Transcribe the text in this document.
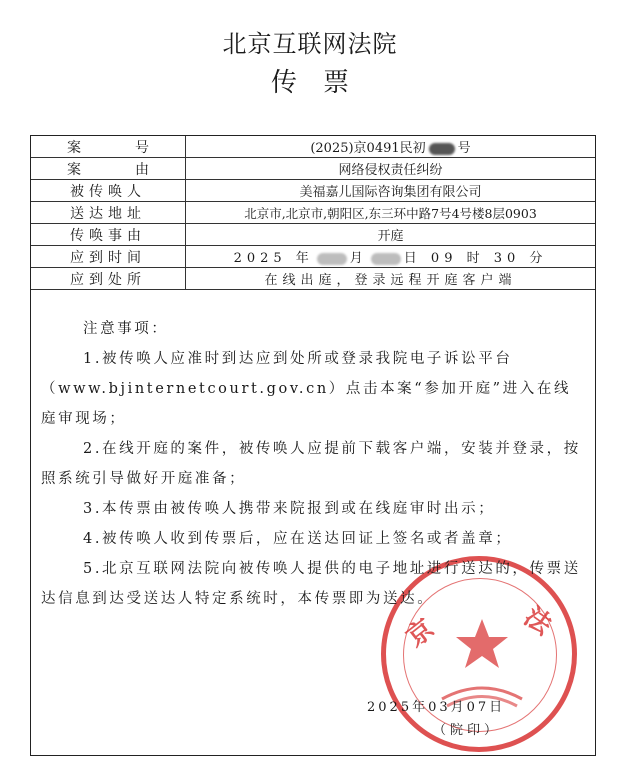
北京互联网法院
传票
案 号	(2025)京0491民初 号

案 由	网络侵权责任纠纷

被传唤人	美福嘉儿国际咨询集团有限公司

送达地址	北京市,北京市,朝阳区,东三环中路7号4号楼8层0903

传唤事由	开庭

应到时间	2025 年 月 日 09 时 30 分

应到处所	在线出庭，登录远程开庭客户端
京	法

注意事项：

1.被传唤人应准时到达应到处所或登录我院电子诉讼平台（www.bjinternetcourt.gov.cn）点击本案“参加开庭”进入在线庭审现场；

2.在线开庭的案件，被传唤人应提前下载客户端，安装并登录，按照系统引导做好开庭准备；

3.本传票由被传唤人携带来院报到或在线庭审时出示；

4.被传唤人收到传票后，应在送达回证上签名或者盖章；

5.北京互联网法院向被传唤人提供的电子地址进行送达的，传票送达信息到达受送达人特定系统时，本传票即为送达。

2025年03月07日
（院印）
